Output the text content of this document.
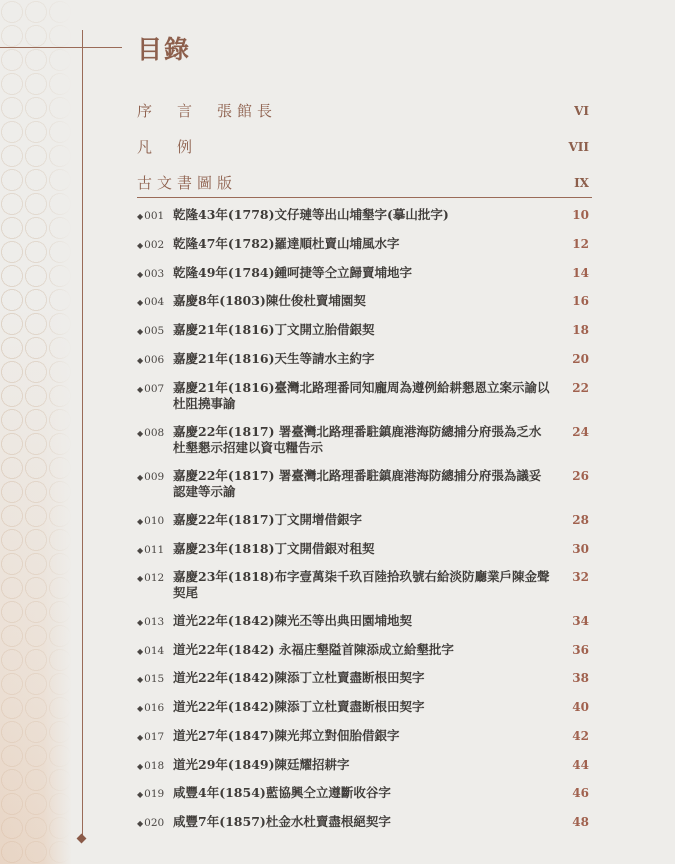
目錄
序　言　張館長	VI
凡　例	VII
古文書圖版	IX
◆001 乾隆43年(1778)文仔璉等出山埔墾字(摹山批字)	10
◆002 乾隆47年(1782)羅達順杜賣山埔風水字	12
◆003 乾隆49年(1784)鍾呵捷等仝立歸賣埔地字	14
◆004 嘉慶8年(1803)陳仕俊杜賣埔園契	16
◆005 嘉慶21年(1816)丁文開立胎借銀契	18
◆006 嘉慶21年(1816)天生等請水主約字	20
◆007 嘉慶21年(1816)臺灣北路理番同知龐周為遵例給耕懇恩立案示諭以杜阻撓事諭
22
◆008 嘉慶22年(1817) 署臺灣北路理番駐鎮鹿港海防總捕分府張為乏水杜墾懇示招建以資屯糧告示
24
◆009 嘉慶22年(1817) 署臺灣北路理番駐鎮鹿港海防總捕分府張為議妥認建等示諭
26
◆010 嘉慶22年(1817)丁文開增借銀字	28
◆011 嘉慶23年(1818)丁文開借銀对租契	30
◆012 嘉慶23年(1818)布字壹萬柒千玖百陸拾玖號右給淡防廳業戶陳金聲契尾
32
◆013 道光22年(1842)陳光丕等出典田園埔地契	34
◆014 道光22年(1842) 永福庄墾隘首陳添成立給墾批字	36
◆015 道光22年(1842)陳添丁立杜賣盡断根田契字	38
◆016 道光22年(1842)陳添丁立杜賣盡断根田契字	40
◆017 道光27年(1847)陳光邦立對佃胎借銀字	42
◆018 道光29年(1849)陳廷耀招耕字	44
◆019 咸豐4年(1854)藍協興仝立遵斷收谷字	46
◆020 咸豐7年(1857)杜金水杜賣盡根絕契字	48
